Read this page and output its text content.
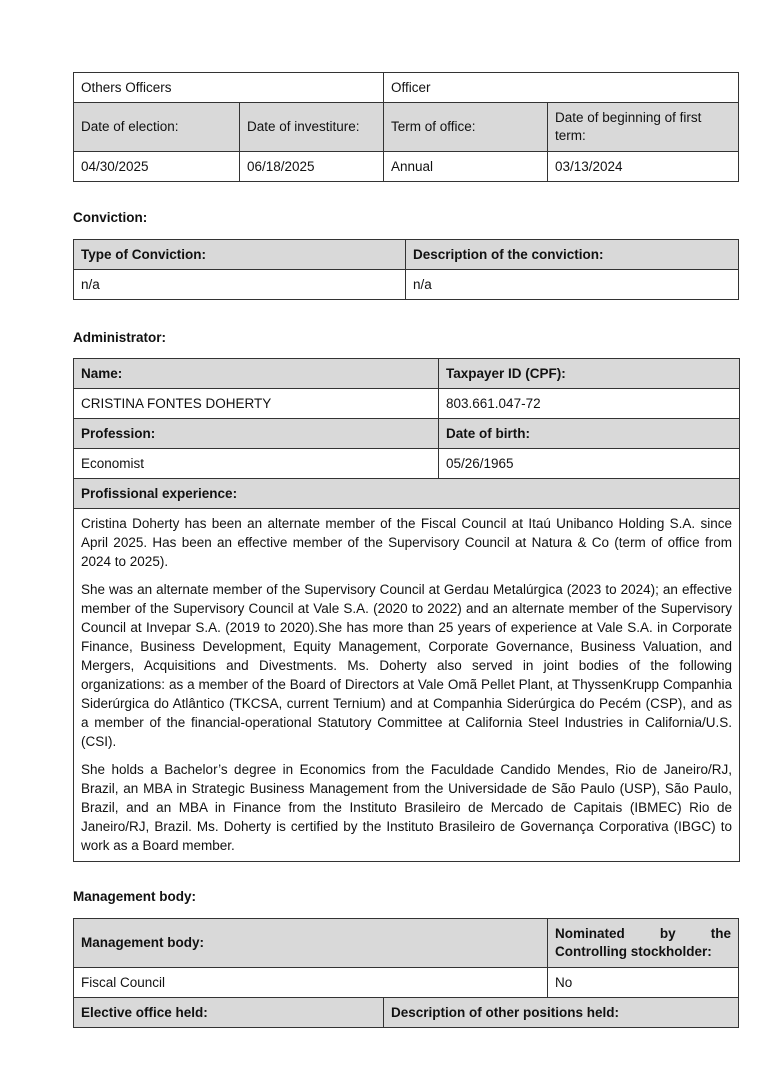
Others Officers		Officer	
Date of election:	Date of investiture:	Term of office:	Date of beginning of first term:
04/30/2025	06/18/2025	Annual	03/13/2024
Conviction:
Type of Conviction:	Description of the conviction:
n/a	n/a
Administrator:
Name:	Taxpayer ID (CPF):
CRISTINA FONTES DOHERTY	803.661.047-72
Profession:	Date of birth:
Economist	05/26/1965
Profissional experience:	

Cristina Doherty has been an alternate member of the Fiscal Council at Itaú Unibanco Holding S.A. since April 2025. Has been an effective member of the Supervisory Council at Natura & Co (term of office from 2024 to 2025).

She was an alternate member of the Supervisory Council at Gerdau Metalúrgica (2023 to 2024); an effective member of the Supervisory Council at Vale S.A. (2020 to 2022) and an alternate member of the Supervisory Council at Invepar S.A. (2019 to 2020).She has more than 25 years of experience at Vale S.A. in Corporate Finance, Business Development, Equity Management, Corporate Governance, Business Valuation, and Mergers, Acquisitions and Divestments. Ms. Doherty also served in joint bodies of the following organizations: as a member of the Board of Directors at Vale Omã Pellet Plant, at ThyssenKrupp Companhia Siderúrgica do Atlântico (TKCSA, current Ternium) and at Companhia Siderúrgica do Pecém (CSP), and as a member of the financial-operational Statutory Committee at California Steel Industries in California/U.S. (CSI).

She holds a Bachelor’s degree in Economics from the Faculdade Candido Mendes, Rio de Janeiro/RJ, Brazil, an MBA in Strategic Business Management from the Universidade de São Paulo (USP), São Paulo, Brazil, and an MBA in Finance from the Instituto Brasileiro de Mercado de Capitais (IBMEC) Rio de Janeiro/RJ, Brazil. Ms. Doherty is certified by the Instituto Brasileiro de Governança Corporativa (IBGC) to work as a Board member.	

Management body:
Management body:		Nominated by the
Controlling stockholder:

Fiscal Council		No
Elective office held:	Description of other positions held:	
